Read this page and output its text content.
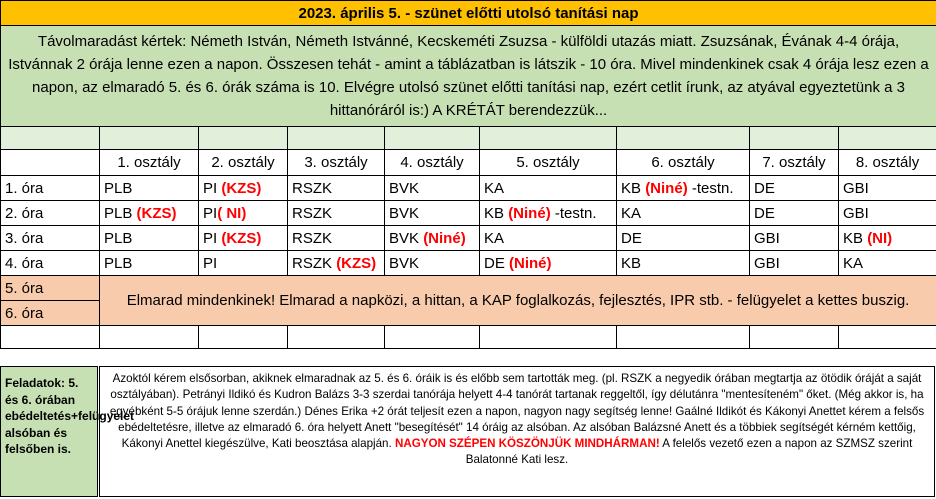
2023. április 5. - szünet előtti utolsó tanítási nap								
Távolmaradást kértek: Németh István, Németh Istvánné, Kecskeméti Zsuzsa - külföldi utazás miatt. Zsuzsának, Évának 4-4 órája, Istvánnak 2 órája lenne ezen a napon. Összesen tehát - amint a táblázatban is látszik - 10 óra. Mivel mindenkinek csak 4 órája lesz ezen a napon, az elmaradó 5. és 6. órák száma is 10. Elvégre utolsó szünet előtti tanítási nap, ezért cetlit írunk, az atyával egyeztetünk a 3 hittanóráról is:) A KRÉTÁT berendezzük...								

	1. osztály	2. osztály	3. osztály	4. osztály	5. osztály	6. osztály	7. osztály	8. osztály
1. óra	PLB	PI (KZS)	RSZK	BVK	KA	KB (Niné) -testn.	DE	GBI
2. óra	PLB (KZS)	PI( NI)	RSZK	BVK	KB (Niné) -testn.	KA	DE	GBI
3. óra	PLB	PI (KZS)	RSZK	BVK (Niné)	KA	DE	GBI	KB (NI)
4. óra	PLB	PI	RSZK (KZS)	BVK	DE (Niné)	KB	GBI	KA
5. óra	Elmarad mindenkinek! Elmarad a napközi, a hittan, a KAP foglalkozás, fejlesztés, IPR stb. - felügyelet a kettes buszig.							
6. óra								

Feladatok: 5. és 6. órában ebédeltetés+felügyelet alsóban és felsőben is.
Azoktól kérem elsősorban, akiknek elmaradnak az 5. és 6. óráik is és előbb sem tartották meg. (pl. RSZK a negyedik órában megtartja az ötödik óráját a saját osztályában). Petrányi Ildikó és Kudron Balázs 3-3 szerdai tanórája helyett 4-4 tanórát tartanak reggeltől, így délutánra "mentesíteném" őket. (Még akkor is, ha egyébként 5-5 órájuk lenne szerdán.) Dénes Erika +2 órát teljesít ezen a napon, nagyon nagy segítség lenne! Gaálné Ildikót és Kákonyi Anettet kérem a felsős ebédeltetésre, illetve az elmaradó 6. óra helyett Anett "besegítését" 14 óráig az alsóban. Az alsóban Balázsné Anett és a többiek segítségét kérném kettőig, Kákonyi Anettel kiegészülve, Kati beosztása alapján. NAGYON SZÉPEN KÖSZÖNJÜK MINDHÁRMAN! A felelős vezető ezen a napon az SZMSZ szerint Balatonné Kati lesz.
